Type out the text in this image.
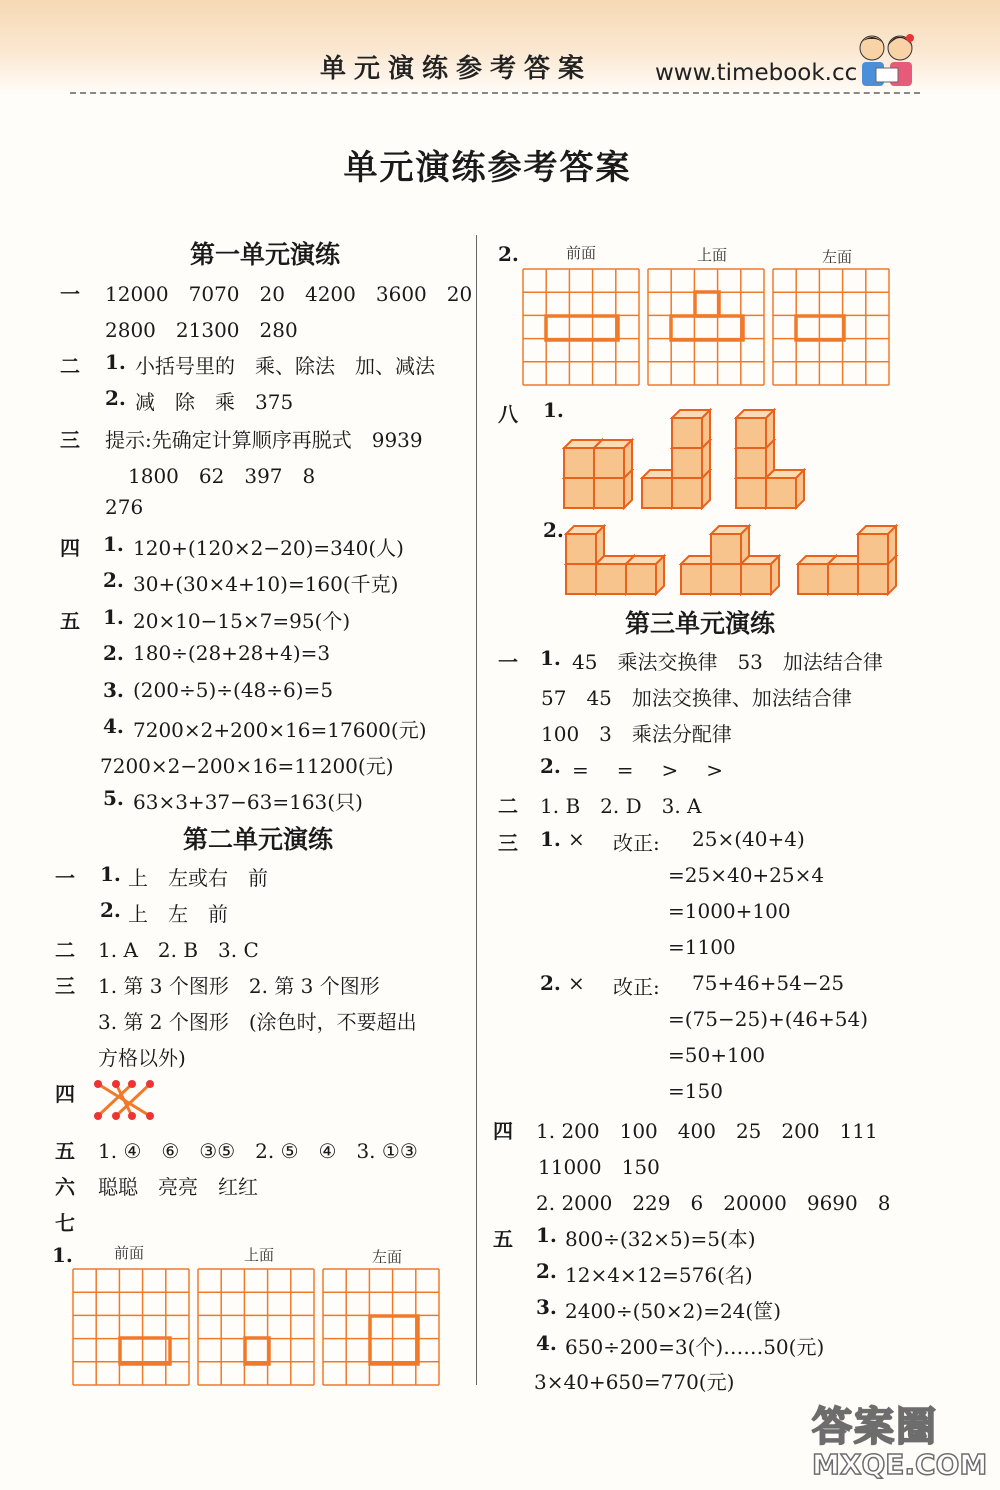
单元演练参考答案	www.timebook.cc
单元演练参考答案
第一单元演练
一 12000　7070　20　4200　3600　20
2800　21300　280
二 1. 小括号里的　乘、除法　加、减法
2. 减　除　乘　375
三 提示:先确定计算顺序再脱式　9939
1800　62　397　8
276
四 1. 120+(120×2−20)=340(人)
2. 30+(30×4+10)=160(千克)
五 1. 20×10−15×7=95(个)
2. 180÷(28+28+4)=3
3. (200÷5)÷(48÷6)=5
4. 7200×2+200×16=17600(元)
7200×2−200×16=11200(元)
5. 63×3+37−63=163(只)
第二单元演练
一 1. 上　左或右　前
2. 上　左　前
二 1. A　2. B　3. C
三 1. 第 3 个图形　2. 第 3 个图形
3. 第 2 个图形　(涂色时，不要超出
方格以外)
四
五 1. ④　⑥　③⑤　2. ⑤　④　3. ①③
六 聪聪　亮亮　红红
七
1.	前面	上面	左面
2.	前面	上面	左面
八 1.
2.
第三单元演练
一 1. 45　乘法交换律　53　加法结合律
57　45　加法交换律、加法结合律
100　3　乘法分配律
2. =　=　>　>
二 1. B　2. D　3. A
三 1. × 改正: 25×(40+4)
=25×40+25×4
=1000+100
=1100
2. × 改正: 75+46+54−25
=(75−25)+(46+54)
=50+100
=150
四 1. 200　100　400　25　200　111
11000　150
2. 2000　229　6　20000　9690　8
五 1. 800÷(32×5)=5(本)
2. 12×4×12=576(名)
3. 2400÷(50×2)=24(筐)
4. 650÷200=3(个)……50(元)
3×40+650=770(元)
答案圈
MXQE.COM
